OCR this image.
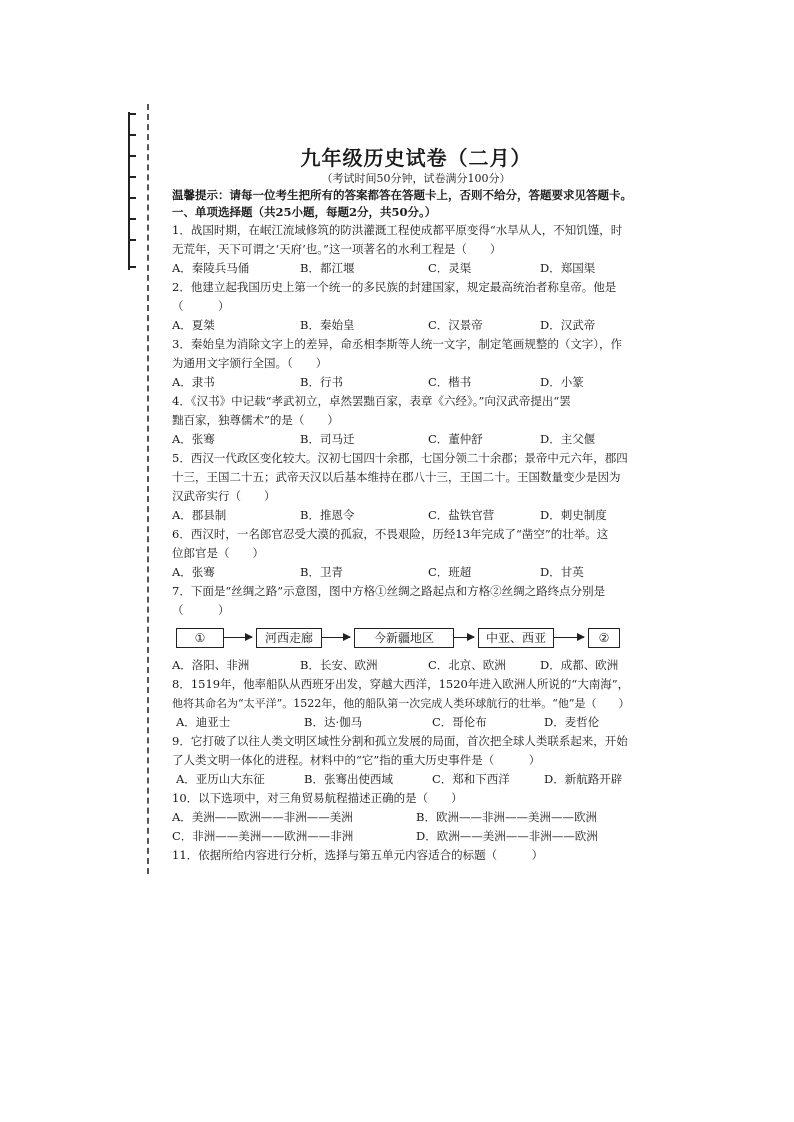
九年级历史试卷（二月）

（考试时间50分钟，试卷满分100分）

温馨提示：请每一位考生把所有的答案都答在答题卡上，否则不给分，答题要求见答题卡。

一、单项选择题（共25小题，每题2分，共50分。）

1．战国时期，在岷江流域修筑的防洪灌溉工程使成都平原变得“水旱从人，不知饥馑，时

无荒年，天下可谓之‘天府’也。”这一项著名的水利工程是（　　）

A．秦陵兵马俑	B．都江堰	C．灵渠	D．郑国渠

2．他建立起我国历史上第一个统一的多民族的封建国家，规定最高统治者称皇帝。他是

（　　　）

A．夏桀	B．秦始皇	C．汉景帝	D．汉武帝

3．秦始皇为消除文字上的差异，命丞相李斯等人统一文字，制定笔画规整的（文字），作

为通用文字颁行全国。（　　）

A．隶书	B．行书	C．楷书	D．小篆

4．《汉书》中记载“孝武初立，卓然罢黜百家，表章《六经》。”向汉武帝提出“罢

黜百家，独尊儒术”的是（　　）

A．张骞	B．司马迁	C．董仲舒	D．主父偃

5．西汉一代政区变化较大。汉初七国四十余郡，七国分领二十余郡；景帝中元六年，郡四

十三，王国二十五；武帝天汉以后基本维持在郡八十三，王国二十。王国数量变少是因为

汉武帝实行（　　）

A．郡县制	B．推恩令	C．盐铁官营	D．刺史制度

6．西汉时，一名郎官忍受大漠的孤寂，不畏艰险，历经13年完成了“凿空”的壮举。这

位郎官是（　　）

A．张骞	B．卫青	C．班超	D．甘英

7．下面是“丝绸之路”示意图，图中方格①丝绸之路起点和方格②丝绸之路终点分别是

（　　　）

①	河西走廊	今新疆地区	中亚、西亚	②
A．洛阳、非洲	B．长安、欧洲	C．北京、欧洲	D．成都、欧洲

8．1519年，他率船队从西班牙出发，穿越大西洋，1520年进入欧洲人所说的“大南海”，

他将其命名为“太平洋”。1522年，他的船队第一次完成人类环球航行的壮举。“他”是（　　）

A．迪亚士	B．达·伽马	C．哥伦布	D．麦哲伦

9．它打破了以往人类文明区域性分割和孤立发展的局面，首次把全球人类联系起来，开始

了人类文明一体化的进程。材料中的“它”指的重大历史事件是（　　　）

A．亚历山大东征	B．张骞出使西域	C．郑和下西洋	D．新航路开辟

10．以下选项中，对三角贸易航程描述正确的是（　　）

A．美洲——欧洲——非洲——美洲	B．欧洲——非洲——美洲——欧洲
C．非洲——美洲——欧洲——非洲	D．欧洲——美洲——非洲——欧洲

11．依据所给内容进行分析，选择与第五单元内容适合的标题（　　　）
